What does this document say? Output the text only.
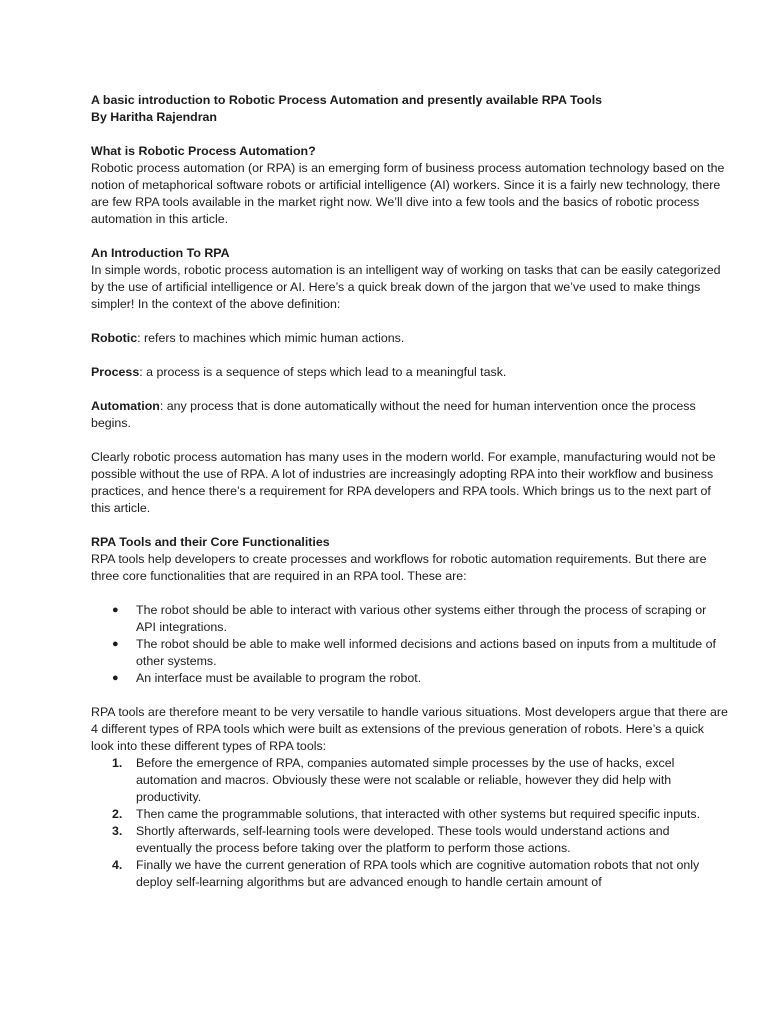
A basic introduction to Robotic Process Automation and presently available RPA Tools

By Haritha Rajendran

What is Robotic Process Automation?

Robotic process automation (or RPA) is an emerging form of business process automation technology based on the notion of metaphorical software robots or artificial intelligence (AI) workers. Since it is a fairly new technology, there are few RPA tools available in the market right now. We’ll dive into a few tools and the basics of robotic process automation in this article.

An Introduction To RPA

In simple words, robotic process automation is an intelligent way of working on tasks that can be easily categorized by the use of artificial intelligence or AI. Here’s a quick break down of the jargon that we’ve used to make things simpler! In the context of the above definition:

Robotic: refers to machines which mimic human actions.

Process: a process is a sequence of steps which lead to a meaningful task.

Automation: any process that is done automatically without the need for human intervention once the process begins.

Clearly robotic process automation has many uses in the modern world. For example, manufacturing would not be possible without the use of RPA. A lot of industries are increasingly adopting RPA into their workflow and business practices, and hence there’s a requirement for RPA developers and RPA tools. Which brings us to the next part of this article.

RPA Tools and their Core Functionalities

RPA tools help developers to create processes and workflows for robotic automation requirements. But there are three core functionalities that are required in an RPA tool. These are:

● The robot should be able to interact with various other systems either through the process of scraping or API integrations.
● The robot should be able to make well informed decisions and actions based on inputs from a multitude of other systems.
● An interface must be available to program the robot.

RPA tools are therefore meant to be very versatile to handle various situations. Most developers argue that there are 4 different types of RPA tools which were built as extensions of the previous generation of robots. Here’s a quick look into these different types of RPA tools:

1. Before the emergence of RPA, companies automated simple processes by the use of hacks, excel automation and macros. Obviously these were not scalable or reliable, however they did help with productivity.
2. Then came the programmable solutions, that interacted with other systems but required specific inputs.
3. Shortly afterwards, self-learning tools were developed. These tools would understand actions and eventually the process before taking over the platform to perform those actions.
4. Finally we have the current generation of RPA tools which are cognitive automation robots that not only deploy self-learning algorithms but are advanced enough to handle certain amount of
